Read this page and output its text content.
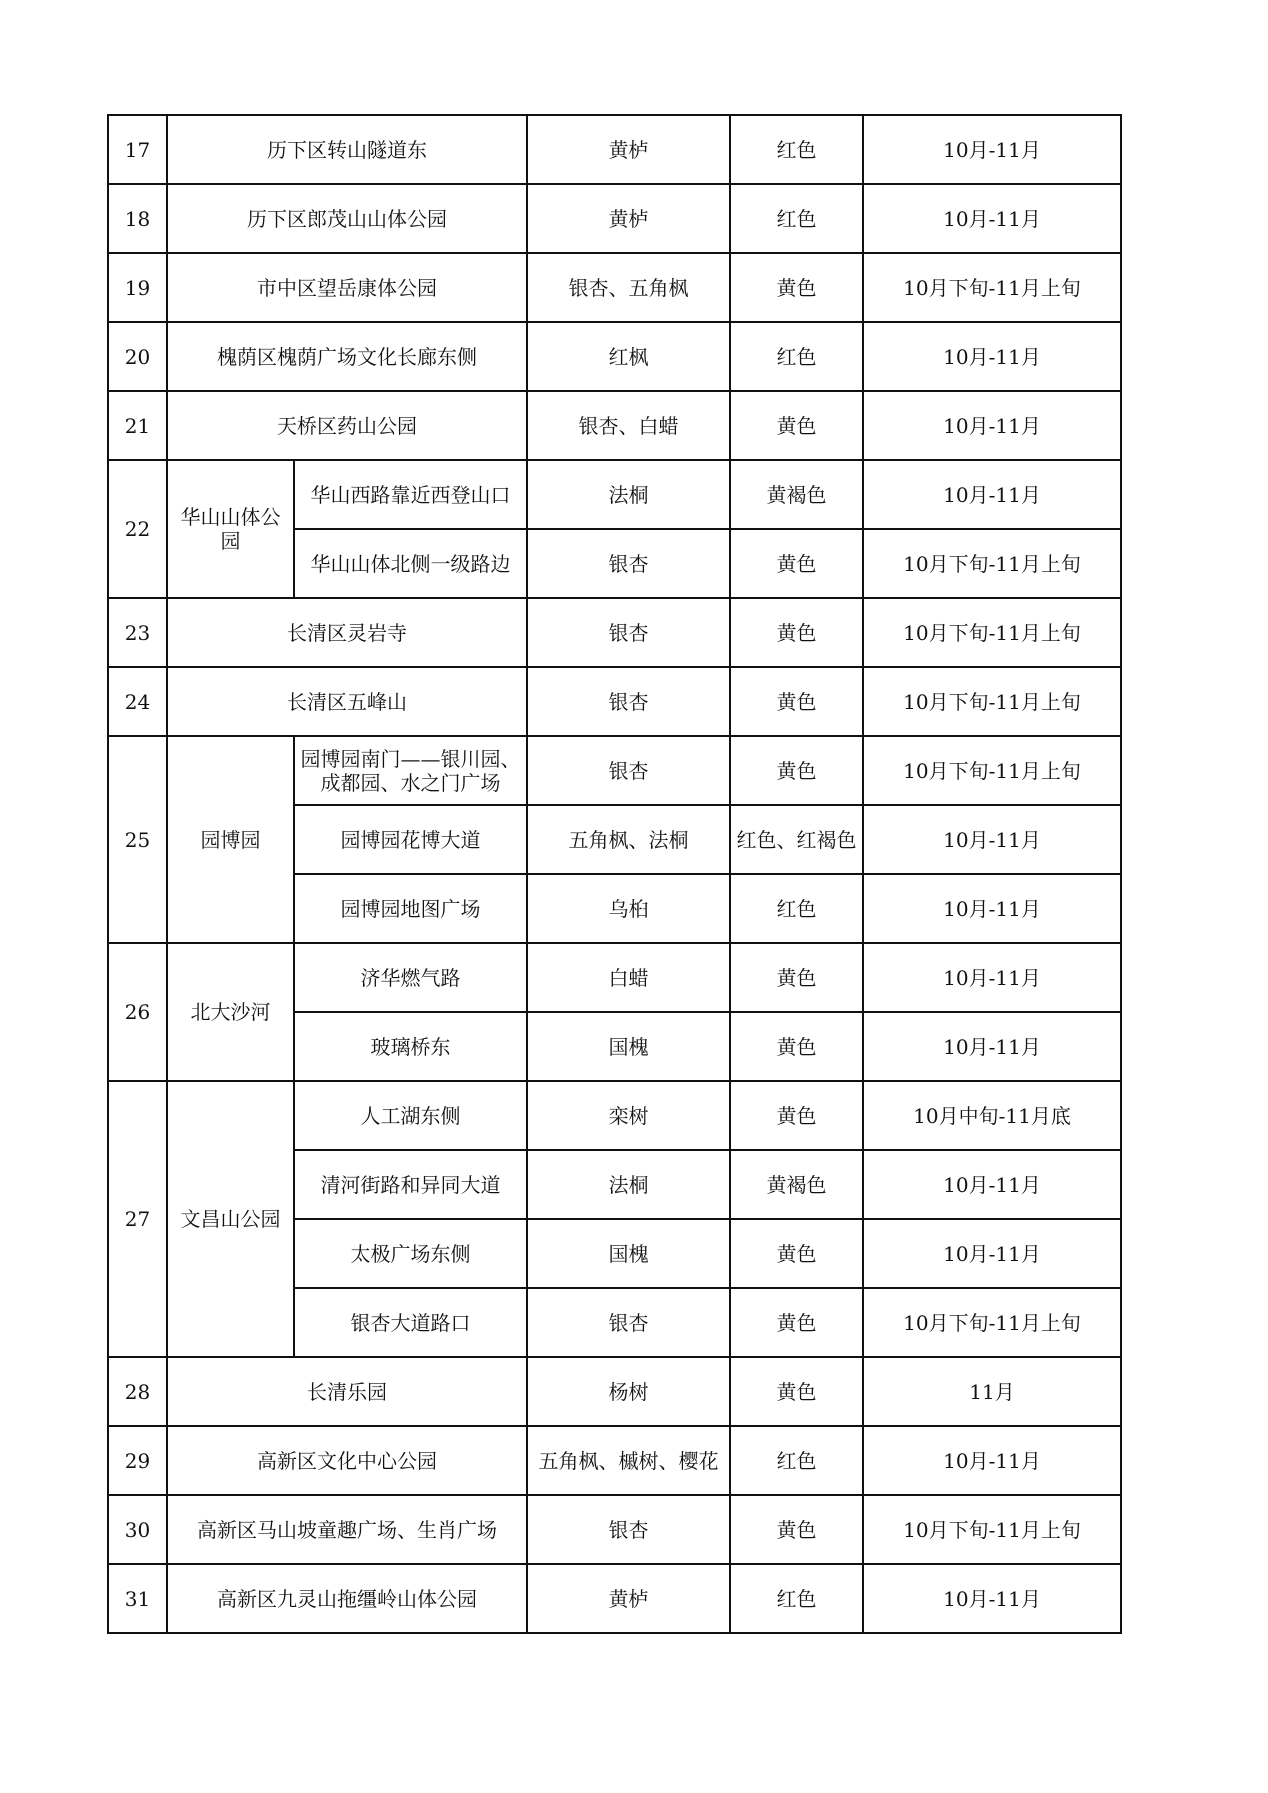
17	历下区转山隧道东		黄栌	红色	10月-11月
18	历下区郎茂山山体公园		黄栌	红色	10月-11月
19	市中区望岳康体公园		银杏、五角枫	黄色	10月下旬-11月上旬
20	槐荫区槐荫广场文化长廊东侧		红枫	红色	10月-11月
21	天桥区药山公园		银杏、白蜡	黄色	10月-11月
22	华山山体公园	华山西路靠近西登山口	法桐	黄褐色	10月-11月
		华山山体北侧一级路边	银杏	黄色	10月下旬-11月上旬
23	长清区灵岩寺		银杏	黄色	10月下旬-11月上旬
24	长清区五峰山		银杏	黄色	10月下旬-11月上旬
25	园博园	园博园南门——银川园、成都园、水之门广场	银杏	黄色	10月下旬-11月上旬
		园博园花博大道	五角枫、法桐	红色、红褐色	10月-11月
		园博园地图广场	乌桕	红色	10月-11月
26	北大沙河	济华燃气路	白蜡	黄色	10月-11月
		玻璃桥东	国槐	黄色	10月-11月
27	文昌山公园	人工湖东侧	栾树	黄色	10月中旬-11月底
		清河街路和异同大道	法桐	黄褐色	10月-11月
		太极广场东侧	国槐	黄色	10月-11月
		银杏大道路口	银杏	黄色	10月下旬-11月上旬
28	长清乐园		杨树	黄色	11月
29	高新区文化中心公园		五角枫、槭树、樱花	红色	10月-11月
30	高新区马山坡童趣广场、生肖广场		银杏	黄色	10月下旬-11月上旬
31	高新区九灵山拖缰岭山体公园		黄栌	红色	10月-11月
